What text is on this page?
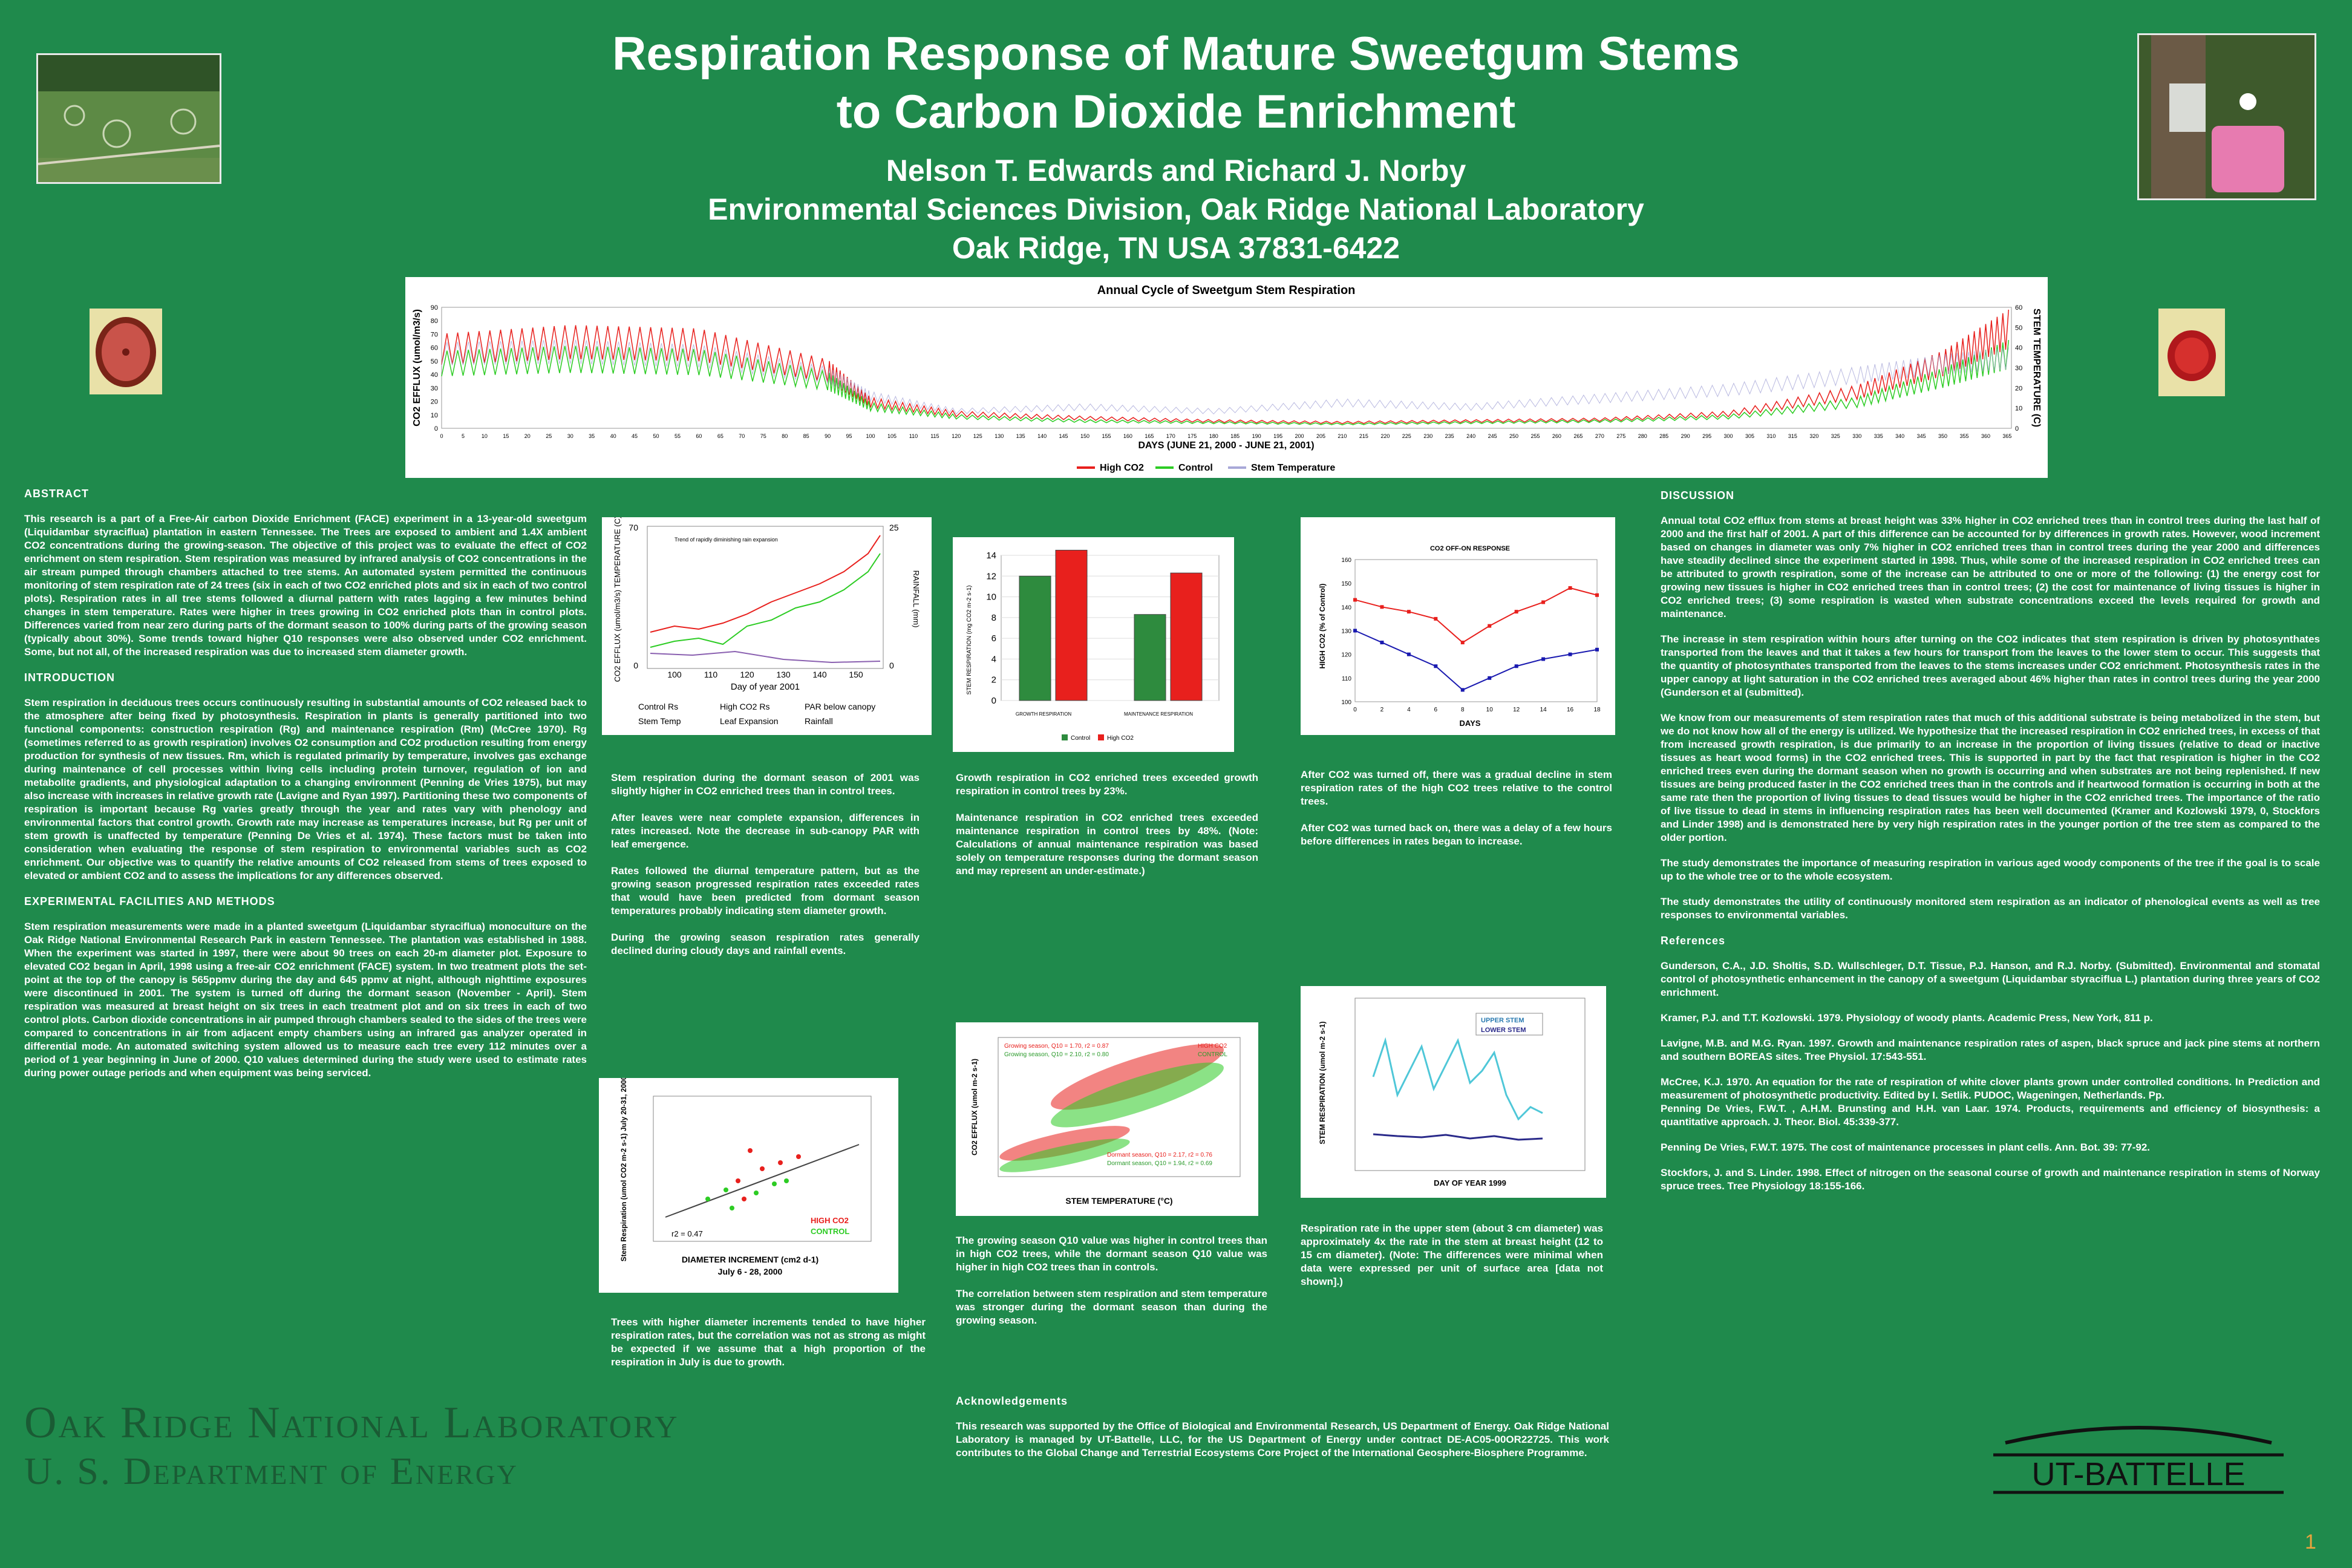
Respiration Response of Mature Sweetgum Stems
to Carbon Dioxide Enrichment
Nelson T. Edwards and Richard J. Norby
Environmental Sciences Division, Oak Ridge National Laboratory
Oak Ridge, TN USA 37831-6422
Annual Cycle of Sweetgum Stem Respiration
CO2 EFFLUX (umol/m3/s)	STEM TEMPERATURE (C)
DAYS (JUNE 21, 2000 - JUNE 21, 2001)
0
10
20
30
40
50
60
70
80
90
0
10
20
30
40
50
60
0	5	10	15	20	25	30	35	40	45	50	55	60	65	70	75	80	85	90	95	100 105 110 115 120 125 130 135 140 145 150 155 160 165 170 175 180 185 190 195 200 205 210 215 220 225 230 235 240 245 250 255 260 265 270 275 280 285 290 295 300 305 310 315 320 325 330 335 340 345 350 355 360 365
High CO2	Control	Stem Temperature
ABSTRACT

This research is a part of a Free-Air carbon Dioxide Enrichment (FACE) experiment in a 13-year-old sweetgum (Liquidambar styraciflua) plantation in eastern Tennessee. The Trees are exposed to ambient and 1.4X ambient CO2 concentrations during the growing-season. The objective of this project was to evaluate the effect of CO2 enrichment on stem respiration. Stem respiration was measured by infrared analysis of CO2 concentrations in the air stream pumped through chambers attached to tree stems. An automated system permitted the continuous monitoring of stem respiration rate of 24 trees (six in each of two CO2 enriched plots and six in each of two control plots). Respiration rates in all tree stems followed a diurnal pattern with rates lagging a few minutes behind changes in stem temperature. Rates were higher in trees growing in CO2 enriched plots than in control plots. Differences varied from near zero during parts of the dormant season to 100% during parts of the growing season (typically about 30%). Some trends toward higher Q10 responses were also observed under CO2 enrichment. Some, but not all, of the increased respiration was due to increased stem diameter growth.

INTRODUCTION

Stem respiration in deciduous trees occurs continuously resulting in substantial amounts of CO2 released back to the atmosphere after being fixed by photosynthesis. Respiration in plants is generally partitioned into two functional components: construction respiration (Rg) and maintenance respiration (Rm) (McCree 1970). Rg (sometimes referred to as growth respiration) involves O2 consumption and CO2 production resulting from energy production for synthesis of new tissues. Rm, which is regulated primarily by temperature, involves gas exchange during maintenance of cell processes within living cells including protein turnover, regulation of ion and metabolite gradients, and physiological adaptation to a changing environment (Penning de Vries 1975), but may also increase with increases in relative growth rate (Lavigne and Ryan 1997). Partitioning these two components of respiration is important because Rg varies greatly through the year and rates vary with phenology and environmental factors that control growth. Growth rate may increase as temperatures increase, but Rg per unit of stem growth is unaffected by temperature (Penning De Vries et al. 1974). These factors must be taken into consideration when evaluating the response of stem respiration to environmental variables such as CO2 enrichment. Our objective was to quantify the relative amounts of CO2 released from stems of trees exposed to elevated or ambient CO2 and to assess the implications for any differences observed.

EXPERIMENTAL FACILITIES AND METHODS

Stem respiration measurements were made in a planted sweetgum (Liquidambar styraciflua) monoculture on the Oak Ridge National Environmental Research Park in eastern Tennessee. The plantation was established in 1988. When the experiment was started in 1997, there were about 90 trees on each 20-m diameter plot. Exposure to elevated CO2 began in April, 1998 using a free-air CO2 enrichment (FACE) system. In two treatment plots the set-point at the top of the canopy is 565ppmv during the day and 645 ppmv at night, although nighttime exposures were discontinued in 2001. The system is turned off during the dormant season (November - April). Stem respiration was measured at breast height on six trees in each treatment plot and on six trees in each of two control plots. Carbon dioxide concentrations in air pumped through chambers sealed to the sides of the trees were compared to concentrations in air from adjacent empty chambers using an infrared gas analyzer operated in differential mode. An automated switching system allowed us to measure each tree every 112 minutes over a period of 1 year beginning in June of 2000. Q10 values determined during the study were used to estimate rates during power outage periods and when equipment was being serviced.

Oak Ridge National Laboratory
U. S. Department of Energy
Trend of rapidly diminishing rain expansion
Day of year 2001
CO2 EFFLUX (umol/m3/s) TEMPERATURE (C)	RAINFALL (mm)
70
0
25
0
100	110	120	130	140	150
Control Rs	High CO2 Rs	PAR below canopy
Stem Temp	Leaf Expansion	Rainfall
Stem respiration during the dormant season of 2001 was slightly higher in CO2 enriched trees than in control trees.

After leaves were near complete expansion, differences in rates increased. Note the decrease in sub-canopy PAR with leaf emergence.

Rates followed the diurnal temperature pattern, but as the growing season progressed respiration rates exceeded rates that would have been predicted from dormant season temperatures probably indicating stem diameter growth.

During the growing season respiration rates generally declined during cloudy days and rainfall events.
r2 = 0.47
HIGH CO2
CONTROL
DIAMETER INCREMENT (cm2 d-1)
July 6 - 28, 2000
Stem Respiration (umol CO2 m-2 s-1) July 20-31, 2000
Trees with higher diameter increments tended to have higher respiration rates, but the correlation was not as strong as might be expected if we assume that a high proportion of the respiration in July is due to growth.
STEM RESPIRATION (mg CO2 m-2 s-1)
GROWTH RESPIRATION	MAINTENANCE RESPIRATION
Control	High CO2
0
2
4
6
8
10
12
14
Growth respiration in CO2 enriched trees exceeded growth respiration in control trees by 23%.

Maintenance respiration in CO2 enriched trees exceeded maintenance respiration in control trees by 48%. (Note: Calculations of annual maintenance respiration was based solely on temperature responses during the dormant season and may represent an under-estimate.)
Growing season, Q10 = 1.70, r2 = 0.87
Growing season, Q10 = 2.10, r2 = 0.80
Dormant season, Q10 = 2.17, r2 = 0.76
Dormant season, Q10 = 1.94, r2 = 0.69
HIGH CO2
CONTROL
STEM TEMPERATURE (°C)
CO2 EFFLUX (umol m-2 s-1)
The growing season Q10 value was higher in control trees than in high CO2 trees, while the dormant season Q10 value was higher in high CO2 trees than in controls.

The correlation between stem respiration and stem temperature was stronger during the dormant season than during the growing season.
Acknowledgements

This research was supported by the Office of Biological and Environmental Research, US Department of Energy. Oak Ridge National Laboratory is managed by UT-Battelle, LLC, for the US Department of Energy under contract DE-AC05-00OR22725. This work contributes to the Global Change and Terrestrial Ecosystems Core Project of the International Geosphere-Biosphere Programme.

CO2 OFF-ON RESPONSE
HIGH CO2 (% of Control)
DAYS
100
110
120
130
140
150
160
0	2	4	6	8	10	12	14	16	18
After CO2 was turned off, there was a gradual decline in stem respiration rates of the high CO2 trees relative to the control trees.

After CO2 was turned back on, there was a delay of a few hours before differences in rates began to increase.
UPPER STEM
LOWER STEM
DAY OF YEAR 1999
STEM RESPIRATION (umol m-2 s-1)
Respiration rate in the upper stem (about 3 cm diameter) was approximately 4x the rate in the stem at breast height (12 to 15 cm diameter). (Note: The differences were minimal when data were expressed per unit of surface area [data not shown].)
DISCUSSION

Annual total CO2 efflux from stems at breast height was 33% higher in CO2 enriched trees than in control trees during the last half of 2000 and the first half of 2001. A part of this difference can be accounted for by differences in growth rates. However, wood increment based on changes in diameter was only 7% higher in CO2 enriched trees than in control trees during the year 2000 and differences have steadily declined since the experiment started in 1998. Thus, while some of the increased respiration in CO2 enriched trees can be attributed to growth respiration, some of the increase can be attributed to one or more of the following: (1) the energy cost for growing new tissues is higher in CO2 enriched trees than in control trees; (2) the cost for maintenance of living tissues is higher in CO2 enriched trees; (3) some respiration is wasted when substrate concentrations exceed the levels required for growth and maintenance.

The increase in stem respiration within hours after turning on the CO2 indicates that stem respiration is driven by photosynthates transported from the leaves and that it takes a few hours for transport from the leaves to the lower stem to occur. This suggests that the quantity of photosynthates transported from the leaves to the stems increases under CO2 enrichment. Photosynthesis rates in the upper canopy at light saturation in the CO2 enriched trees averaged about 46% higher than rates in control trees during the year 2000 (Gunderson et al (submitted).

We know from our measurements of stem respiration rates that much of this additional substrate is being metabolized in the stem, but we do not know how all of the energy is utilized. We hypothesize that the increased respiration in CO2 enriched trees, in excess of that from increased growth respiration, is due primarily to an increase in the proportion of living tissues (relative to dead or inactive tissues as heart wood forms) in the CO2 enriched trees. This is supported in part by the fact that respiration is higher in the CO2 enriched trees even during the dormant season when no growth is occurring and when substrates are not being replenished. If new tissues are being produced faster in the CO2 enriched trees than in the controls and if heartwood formation is occurring in both at the same rate then the proportion of living tissues to dead tissues would be higher in the CO2 enriched trees. The importance of the ratio of live tissue to dead in stems in influencing respiration rates has been well documented (Kramer and Kozlowski 1979, 0, Stockfors and Linder 1998) and is demonstrated here by very high respiration rates in the younger portion of the tree stem as compared to the older portion.

The study demonstrates the importance of measuring respiration in various aged woody components of the tree if the goal is to scale up to the whole tree or to the whole ecosystem.

The study demonstrates the utility of continuously monitored stem respiration as an indicator of phenological events as well as tree responses to environmental variables.

References
Gunderson, C.A., J.D. Sholtis, S.D. Wullschleger, D.T. Tissue, P.J. Hanson, and R.J. Norby. (Submitted). Environmental and stomatal control of photosynthetic enhancement in the canopy of a sweetgum (Liquidambar styraciflua L.) plantation during three years of CO2 enrichment.
Kramer, P.J. and T.T. Kozlowski. 1979. Physiology of woody plants. Academic Press, New York, 811 p.
Lavigne, M.B. and M.G. Ryan. 1997. Growth and maintenance respiration rates of aspen, black spruce and jack pine stems at northern and southern BOREAS sites. Tree Physiol. 17:543-551.
McCree, K.J. 1970. An equation for the rate of respiration of white clover plants grown under controlled conditions. In Prediction and measurement of photosynthetic productivity. Edited by I. Setlik. PUDOC, Wageningen, Netherlands. Pp.
Penning De Vries, F.W.T. , A.H.M. Brunsting and H.H. van Laar. 1974. Products, requirements and efficiency of biosynthesis: a quantitative approach. J. Theor. Biol. 45:339-377.
Penning De Vries, F.W.T. 1975. The cost of maintenance processes in plant cells. Ann. Bot. 39: 77-92.
Stockfors, J. and S. Linder. 1998. Effect of nitrogen on the seasonal course of growth and maintenance respiration in stems of Norway spruce trees. Tree Physiology 18:155-166.
UT-BATTELLE
1
